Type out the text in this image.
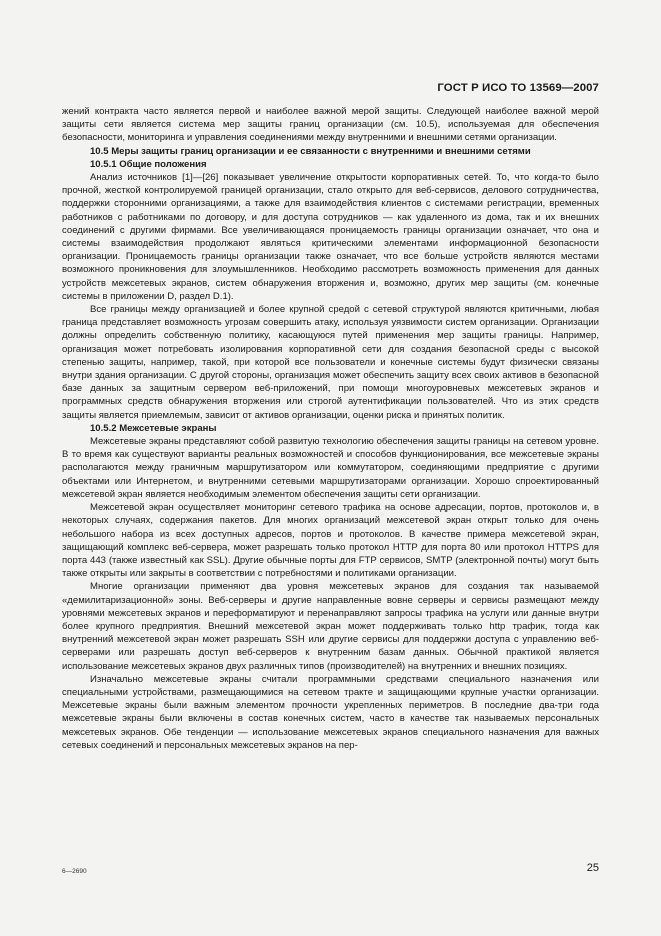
ГОСТ Р ИСО ТО 13569—2007

жений контракта часто является первой и наиболее важной мерой защиты. Следующей наиболее важной мерой защиты сети является система мер защиты границ организации (см. 10.5), используемая для обеспечения безопасности, мониторинга и управления соединениями между внутренними и внешними сетями организации.

10.5 Меры защиты границ организации и ее связанности с внутренними и внешними сетями
10.5.1 Общие положения

Анализ источников [1]—[26] показывает увеличение открытости корпоративных сетей. То, что когда-то было прочной, жесткой контролируемой границей организации, стало открыто для веб-сервисов, делового сотрудничества, поддержки сторонними организациями, а также для взаимодействия клиентов с системами регистрации, временных работников с работниками по договору, и для доступа сотрудников — как удаленного из дома, так и их внешних соединений с другими фирмами. Все увеличивающаяся проницаемость границы организации означает, что она и системы взаимодействия продолжают являться критическими элементами информационной безопасности организации. Проницаемость границы организации также означает, что все больше устройств являются местами возможного проникновения для злоумышленников. Необходимо рассмотреть возможность применения для данных устройств межсетевых экранов, систем обнаружения вторжения и, возможно, других мер защиты (см. конечные системы в приложении D, раздел D.1).

Все границы между организацией и более крупной средой с сетевой структурой являются критичными, любая граница представляет возможность угрозам совершить атаку, используя уязвимости систем организации. Организации должны определить собственную политику, касающуюся путей применения мер защиты границы. Например, организация может потребовать изолирования корпоративной сети для создания безопасной среды с высокой степенью защиты, например, такой, при которой все пользователи и конечные системы будут физически связаны внутри здания организации. С другой стороны, организация может обеспечить защиту всех своих активов в безопасной базе данных за защитным сервером веб-приложений, при помощи многоуровневых межсетевых экранов и программных средств обнаружения вторжения или строгой аутентификации пользователей. Что из этих средств защиты является приемлемым, зависит от активов организации, оценки риска и принятых политик.

10.5.2 Межсетевые экраны

Межсетевые экраны представляют собой развитую технологию обеспечения защиты границы на сетевом уровне. В то время как существуют варианты реальных возможностей и способов функционирования, все межсетевые экраны располагаются между граничным маршрутизатором или коммутатором, соединяющими предприятие с другими объектами или Интернетом, и внутренними сетевыми маршрутизаторами организации. Хорошо спроектированный межсетевой экран является необходимым элементом обеспечения защиты сети организации.

Межсетевой экран осуществляет мониторинг сетевого трафика на основе адресации, портов, протоколов и, в некоторых случаях, содержания пакетов. Для многих организаций межсетевой экран открыт только для очень небольшого набора из всех доступных адресов, портов и протоколов. В качестве примера межсетевой экран, защищающий комплекс веб-сервера, может разрешать только протокол HTTP для порта 80 или протокол HTTPS для порта 443 (также известный как SSL). Другие обычные порты для FTP сервисов, SMTP (электронной почты) могут быть также открыты или закрыты в соответствии с потребностями и политиками организации.

Многие организации применяют два уровня межсетевых экранов для создания так называемой «демилитаризационной» зоны. Веб-серверы и другие направленные вовне серверы и сервисы размещают между уровнями межсетевых экранов и переформатируют и перенаправляют запросы трафика на услуги или данные внутри более крупного предприятия. Внешний межсетевой экран может поддерживать только http трафик, тогда как внутренний межсетевой экран может разрешать SSH или другие сервисы для поддержки доступа с управлению веб-серверами или разрешать доступ веб-серверов к внутренним базам данных. Обычной практикой является использование межсетевых экранов двух различных типов (производителей) на внутренних и внешних позициях.

Изначально межсетевые экраны считали программными средствами специального назначения или специальными устройствами, размещающимися на сетевом тракте и защищающими крупные участки организации. Межсетевые экраны были важным элементом прочности укрепленных периметров. В последние два-три года межсетевые экраны были включены в состав конечных систем, часто в качестве так называемых персональных межсетевых экранов. Обе тенденции — использование межсетевых экранов специального назначения для важных сетевых соединений и персональных межсетевых экранов на пер-

6—2690	25
